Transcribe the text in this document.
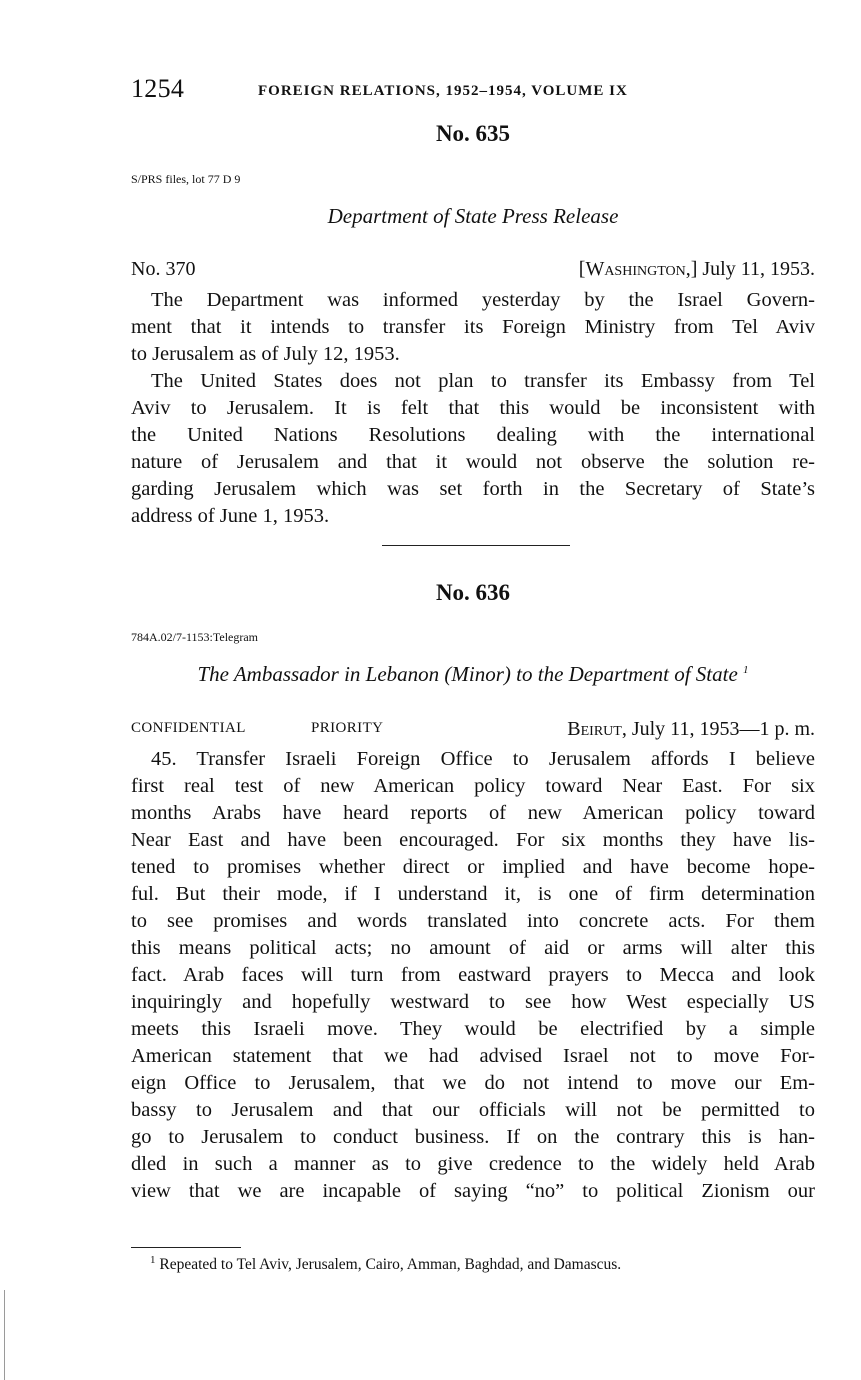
1254	FOREIGN RELATIONS, 1952–1954, VOLUME IX
No. 635
S/PRS files, lot 77 D 9
Department of State Press Release
No. 370	[Washington,] July 11, 1953.
The Department was informed yesterday by the Israel Govern-
ment that it intends to transfer its Foreign Ministry from Tel Aviv
to Jerusalem as of July 12, 1953.
The United States does not plan to transfer its Embassy from Tel
Aviv to Jerusalem. It is felt that this would be inconsistent with
the United Nations Resolutions dealing with the international
nature of Jerusalem and that it would not observe the solution re-
garding Jerusalem which was set forth in the Secretary of State’s
address of June 1, 1953.
No. 636
784A.02/7-1153:Telegram
The Ambassador in Lebanon (Minor) to the Department of State $^1$
CONFIDENTIAL	PRIORITY	Beirut, July 11, 1953—1 p. m.
45. Transfer Israeli Foreign Office to Jerusalem affords I believe
first real test of new American policy toward Near East. For six
months Arabs have heard reports of new American policy toward
Near East and have been encouraged. For six months they have lis-
tened to promises whether direct or implied and have become hope-
ful. But their mode, if I understand it, is one of firm determination
to see promises and words translated into concrete acts. For them
this means political acts; no amount of aid or arms will alter this
fact. Arab faces will turn from eastward prayers to Mecca and look
inquiringly and hopefully westward to see how West especially US
meets this Israeli move. They would be electrified by a simple
American statement that we had advised Israel not to move For-
eign Office to Jerusalem, that we do not intend to move our Em-
bassy to Jerusalem and that our officials will not be permitted to
go to Jerusalem to conduct business. If on the contrary this is han-
dled in such a manner as to give credence to the widely held Arab
view that we are incapable of saying “no” to political Zionism our
$^1$ Repeated to Tel Aviv, Jerusalem, Cairo, Amman, Baghdad, and Damascus.
